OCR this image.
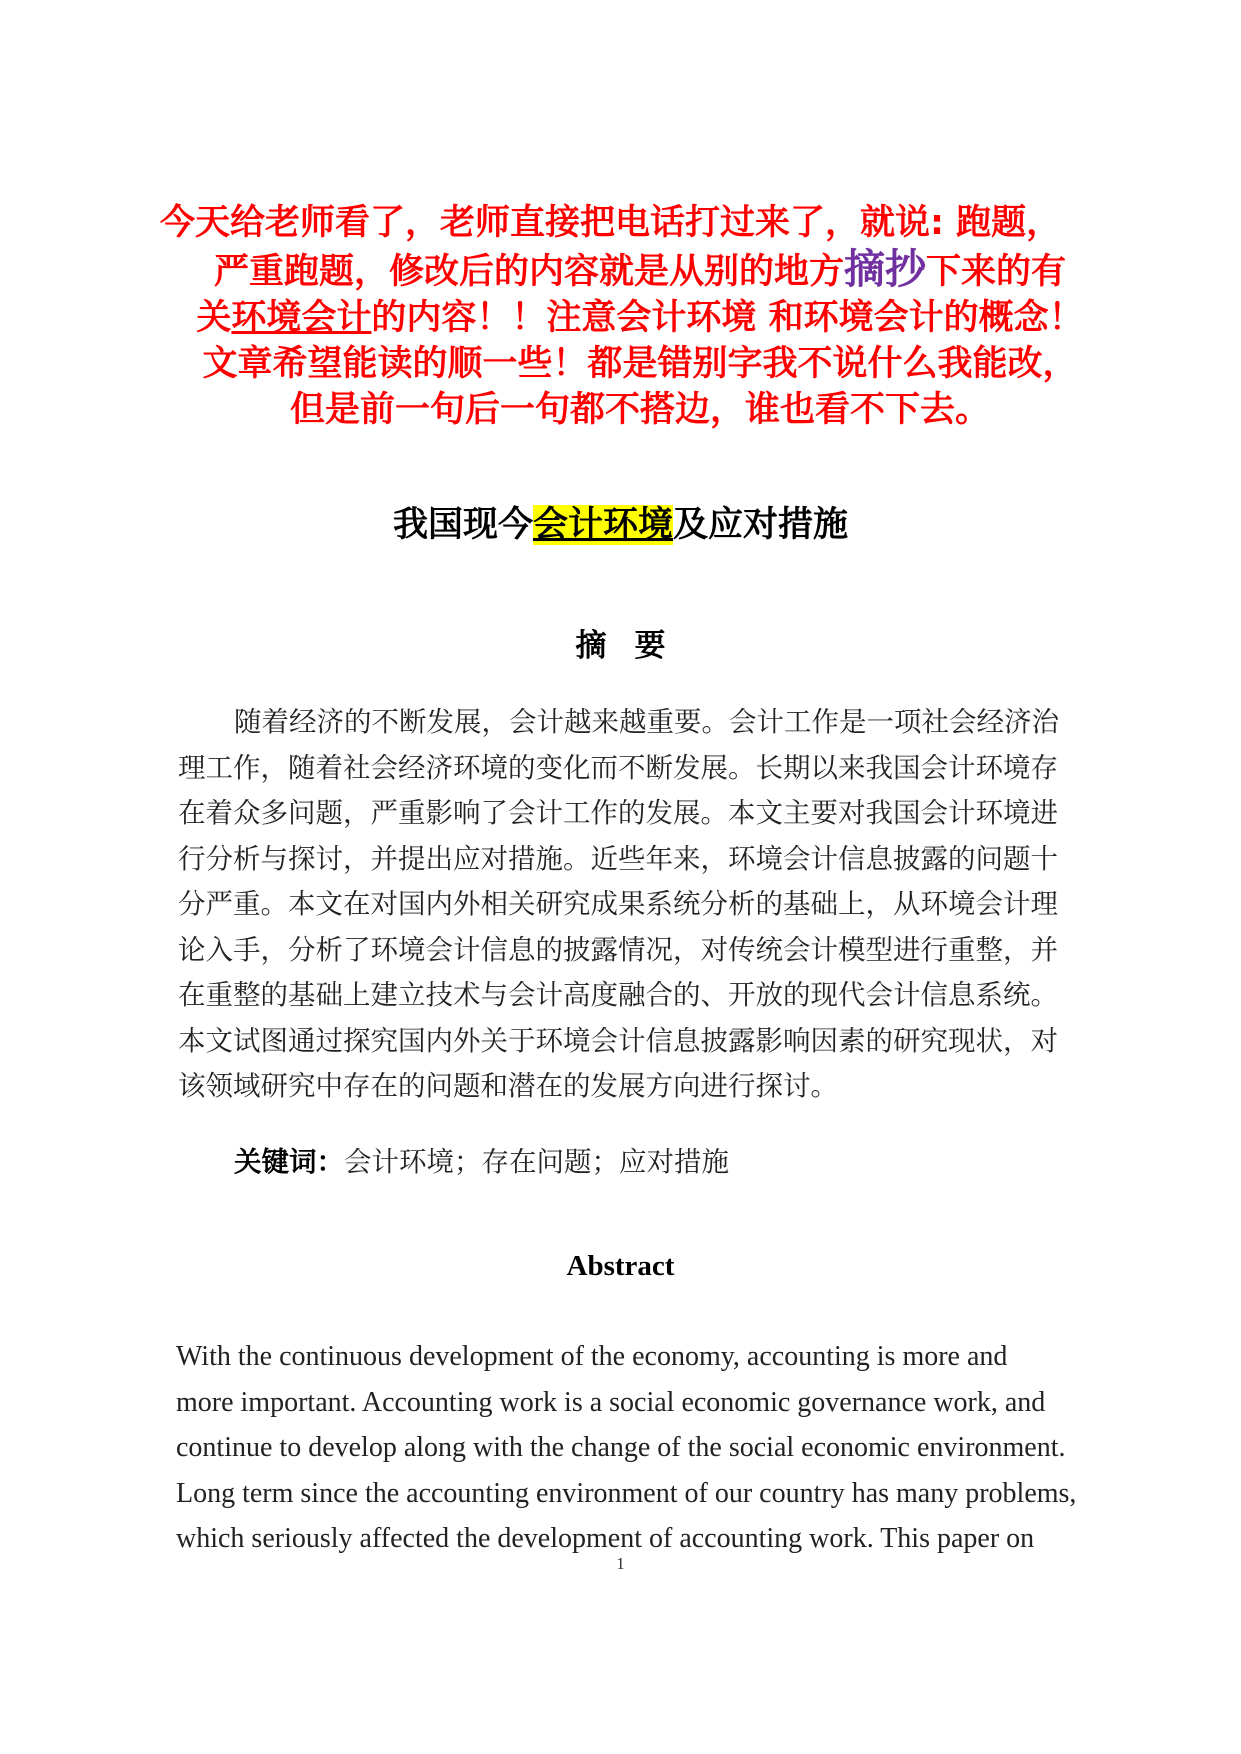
今天给老师看了，老师直接把电话打过来了，就说: 跑题，
严重跑题，修改后的内容就是从别的地方摘抄下来的有
关环境会计的内容！！注意会计环境 和环境会计的概念！
文章希望能读的顺一些！都是错别字我不说什么我能改，
但是前一句后一句都不搭边，谁也看不下去。
我国现今会计环境及应对措施
摘要
随着经济的不断发展，会计越来越重要。会计工作是一项社会经济治
理工作，随着社会经济环境的变化而不断发展。长期以来我国会计环境存
在着众多问题，严重影响了会计工作的发展。本文主要对我国会计环境进
行分析与探讨，并提出应对措施。近些年来，环境会计信息披露的问题十
分严重。本文在对国内外相关研究成果系统分析的基础上，从环境会计理
论入手，分析了环境会计信息的披露情况，对传统会计模型进行重整，并
在重整的基础上建立技术与会计高度融合的、开放的现代会计信息系统。
本文试图通过探究国内外关于环境会计信息披露影响因素的研究现状，对
该领域研究中存在的问题和潜在的发展方向进行探讨。
关键词：会计环境；存在问题；应对措施
Abstract
With the continuous development of the economy, accounting is more and
more important. Accounting work is a social economic governance work, and
continue to develop along with the change of the social economic environment.
Long term since the accounting environment of our country has many problems,
which seriously affected the development of accounting work. This paper on
1
